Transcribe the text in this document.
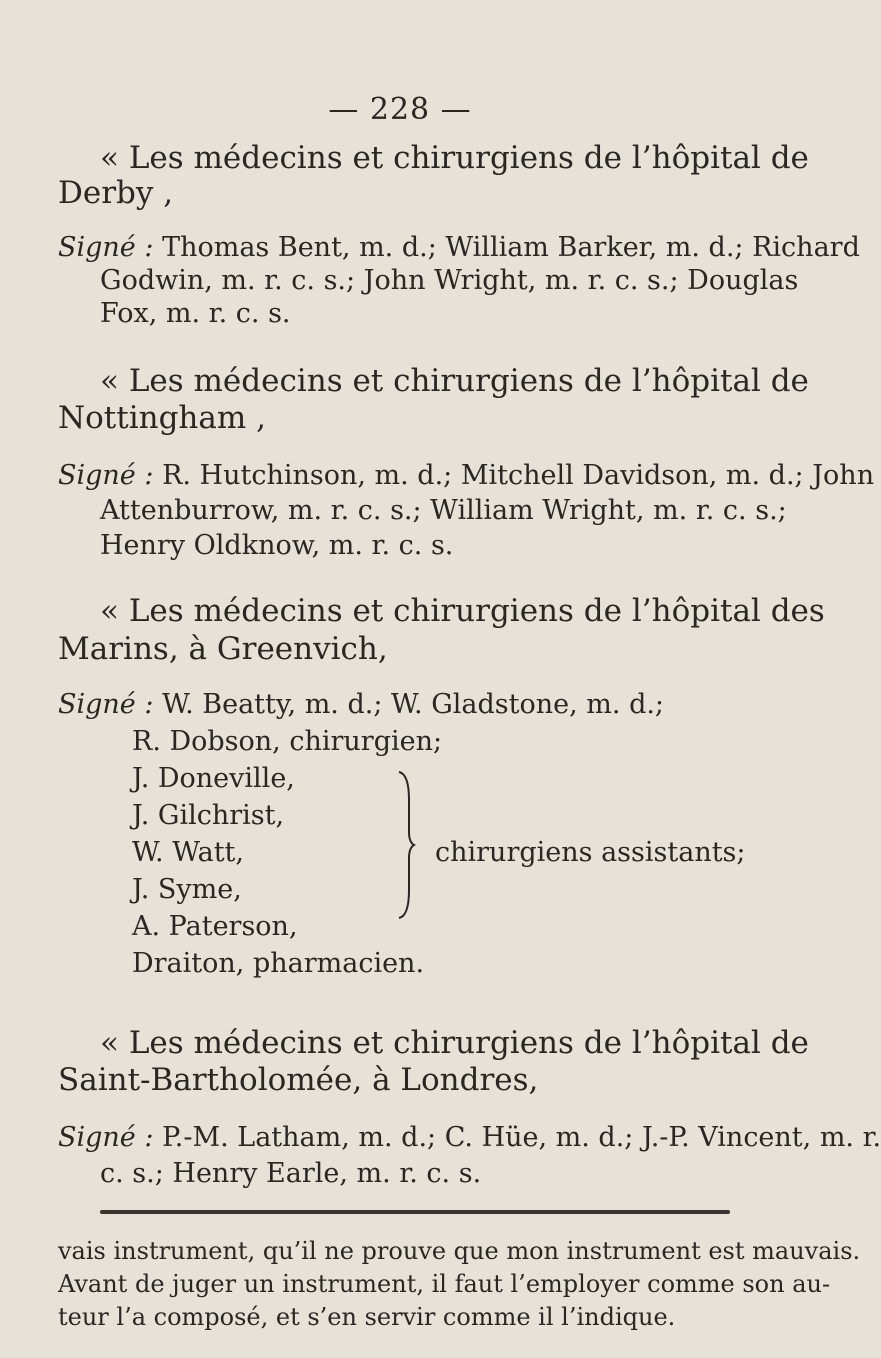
— 228 —
« Les médecins et chirurgiens de l’hôpital de
Derby ,
Signé : Thomas Bent, m. d.; William Barker, m. d.; Richard
Godwin, m. r. c. s.; John Wright, m. r. c. s.; Douglas
Fox, m. r. c. s.
« Les médecins et chirurgiens de l’hôpital de
Nottingham ,
Signé : R. Hutchinson, m. d.; Mitchell Davidson, m. d.; John
Attenburrow, m. r. c. s.; William Wright, m. r. c. s.;
Henry Oldknow, m. r. c. s.
« Les médecins et chirurgiens de l’hôpital des
Marins, à Greenvich,
Signé : W. Beatty, m. d.; W. Gladstone, m. d.;
R. Dobson, chirurgien;
J. Doneville,
J. Gilchrist,
W. Watt,
J. Syme,
A. Paterson,
Draiton, pharmacien.
chirurgiens assistants;
« Les médecins et chirurgiens de l’hôpital de
Saint-Bartholomée, à Londres,
Signé : P.-M. Latham, m. d.; C. Hüe, m. d.; J.-P. Vincent, m. r.
c. s.; Henry Earle, m. r. c. s.
vais instrument, qu’il ne prouve que mon instrument est mauvais.
Avant de juger un instrument, il faut l’employer comme son au-
teur l’a composé, et s’en servir comme il l’indique.
